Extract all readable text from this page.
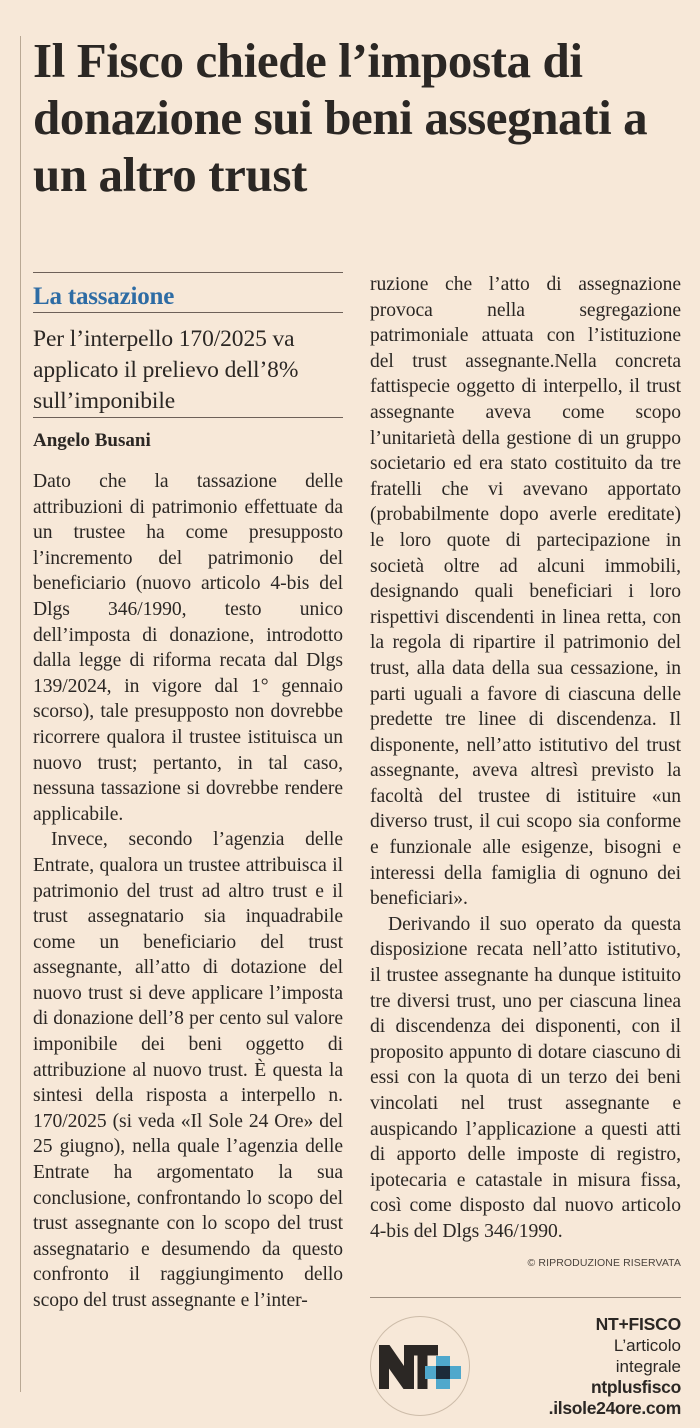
Il Fisco chiede l’imposta di donazione sui beni assegnati a un altro trust
La tassazione
Per l’interpello 170/2025 va applicato il prelievo dell’8% sull’imponibile
Angelo Busani

Dato che la tassazione delle attribuzioni di patrimonio effettuate da un trustee ha come presupposto l’incremento del patrimonio del beneficiario (nuovo articolo 4-bis del Dlgs 346/1990, testo unico dell’imposta di donazione, introdotto dalla legge di riforma recata dal Dlgs 139/2024, in vigore dal 1° gennaio scorso), tale presupposto non dovrebbe ricorrere qualora il trustee istituisca un nuovo trust; pertanto, in tal caso, nessuna tassazione si dovrebbe rendere applicabile.

Invece, secondo l’agenzia delle Entrate, qualora un trustee attribuisca il patrimonio del trust ad altro trust e il trust assegnatario sia inquadrabile come un beneficiario del trust assegnante, all’atto di dotazione del nuovo trust si deve applicare l’imposta di donazione dell’8 per cento sul valore imponibile dei beni oggetto di attribuzione al nuovo trust. È questa la sintesi della risposta a interpello n. 170/2025 (si veda «Il Sole 24 Ore» del 25 giugno), nella quale l’agenzia delle Entrate ha argomentato la sua conclusione, confrontando lo scopo del trust assegnante con lo scopo del trust assegnatario e desumendo da questo confronto il raggiungimento dello scopo del trust assegnante e l’inter-

ruzione che l’atto di assegnazione provoca nella segregazione patrimoniale attuata con l’istituzione del trust assegnante.Nella concreta fattispecie oggetto di interpello, il trust assegnante aveva come scopo l’unitarietà della gestione di un gruppo societario ed era stato costituito da tre fratelli che vi avevano apportato (probabilmente dopo averle ereditate) le loro quote di partecipazione in società oltre ad alcuni immobili, designando quali beneficiari i loro rispettivi discendenti in linea retta, con la regola di ripartire il patrimonio del trust, alla data della sua cessazione, in parti uguali a favore di ciascuna delle predette tre linee di discendenza. Il disponente, nell’atto istitutivo del trust assegnante, aveva altresì previsto la facoltà del trustee di istituire «un diverso trust, il cui scopo sia conforme e funzionale alle esigenze, bisogni e interessi della famiglia di ognuno dei beneficiari».

Derivando il suo operato da questa disposizione recata nell’atto istitutivo, il trustee assegnante ha dunque istituito tre diversi trust, uno per ciascuna linea di discendenza dei disponenti, con il proposito appunto di dotare ciascuno di essi con la quota di un terzo dei beni vincolati nel trust assegnante e auspicando l’applicazione a questi atti di apporto delle imposte di registro, ipotecaria e catastale in misura fissa, così come disposto dal nuovo articolo 4-bis del Dlgs 346/1990.

© RIPRODUZIONE RISERVATA
NT+FISCO
L’articolo
integrale
ntplusfisco
.ilsole24ore.com
